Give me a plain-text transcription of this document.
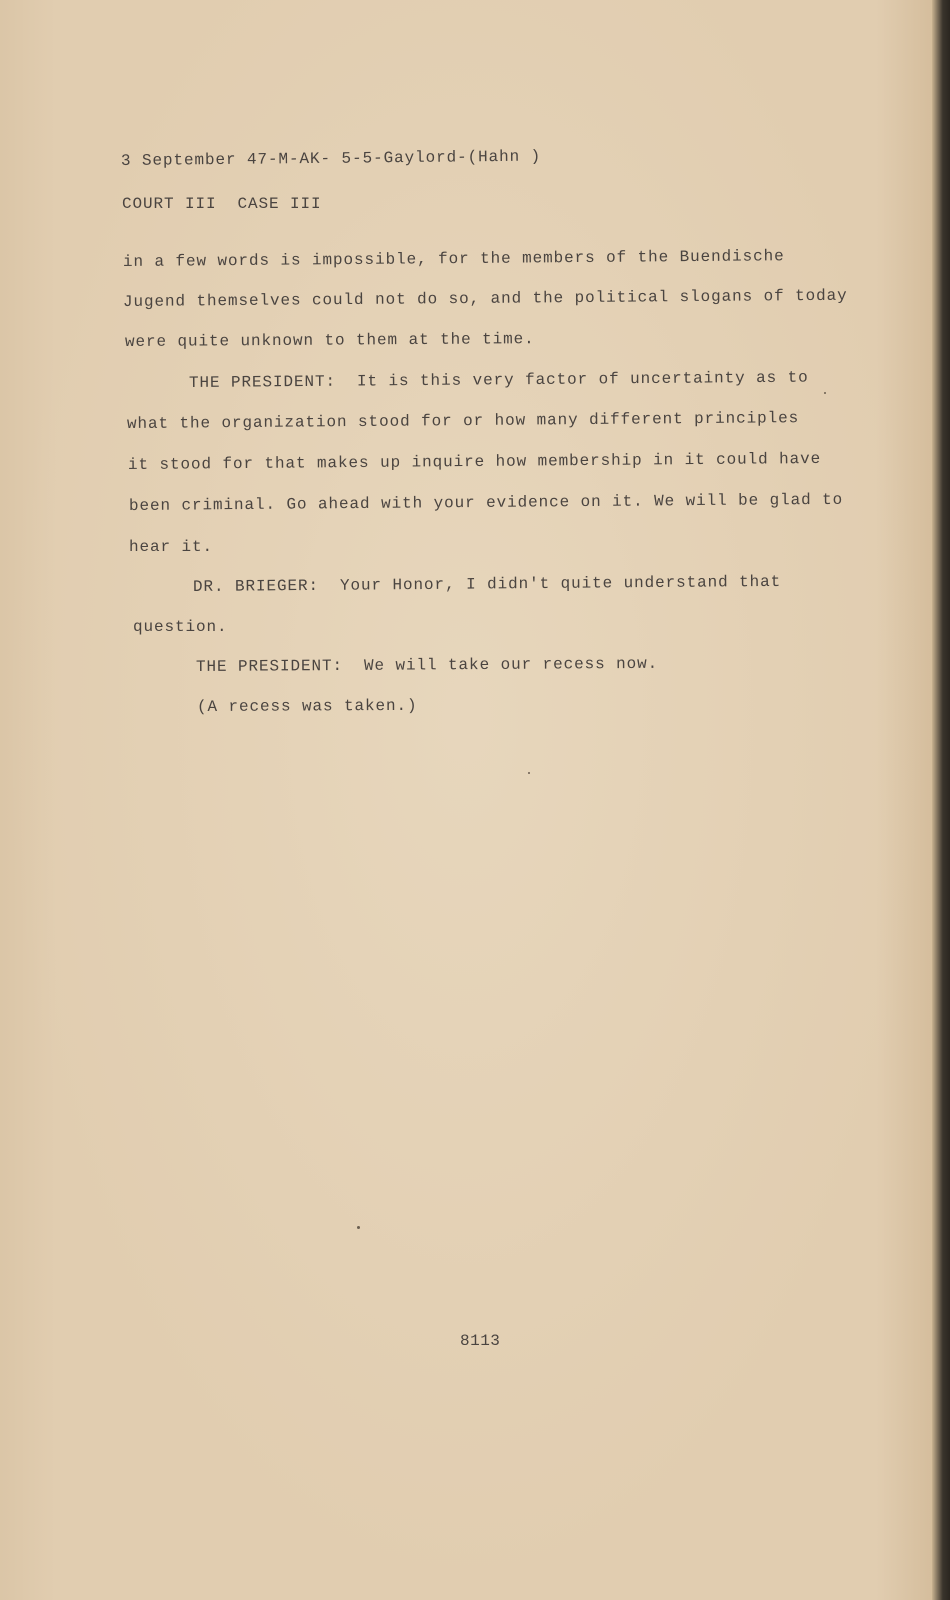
3 September 47-M-AK- 5-5-Gaylord-(Hahn )
COURT III  CASE III
in a few words is impossible, for the members of the Buendische
Jugend themselves could not do so, and the political slogans of today
were quite unknown to them at the time.
THE PRESIDENT:  It is this very factor of uncertainty as to
what the organization stood for or how many different principles
it stood for that makes up inquire how membership in it could have
been criminal. Go ahead with your evidence on it. We will be glad to
hear it.
DR. BRIEGER:  Your Honor, I didn't quite understand that
question.
THE PRESIDENT:  We will take our recess now.
(A recess was taken.)
8113
